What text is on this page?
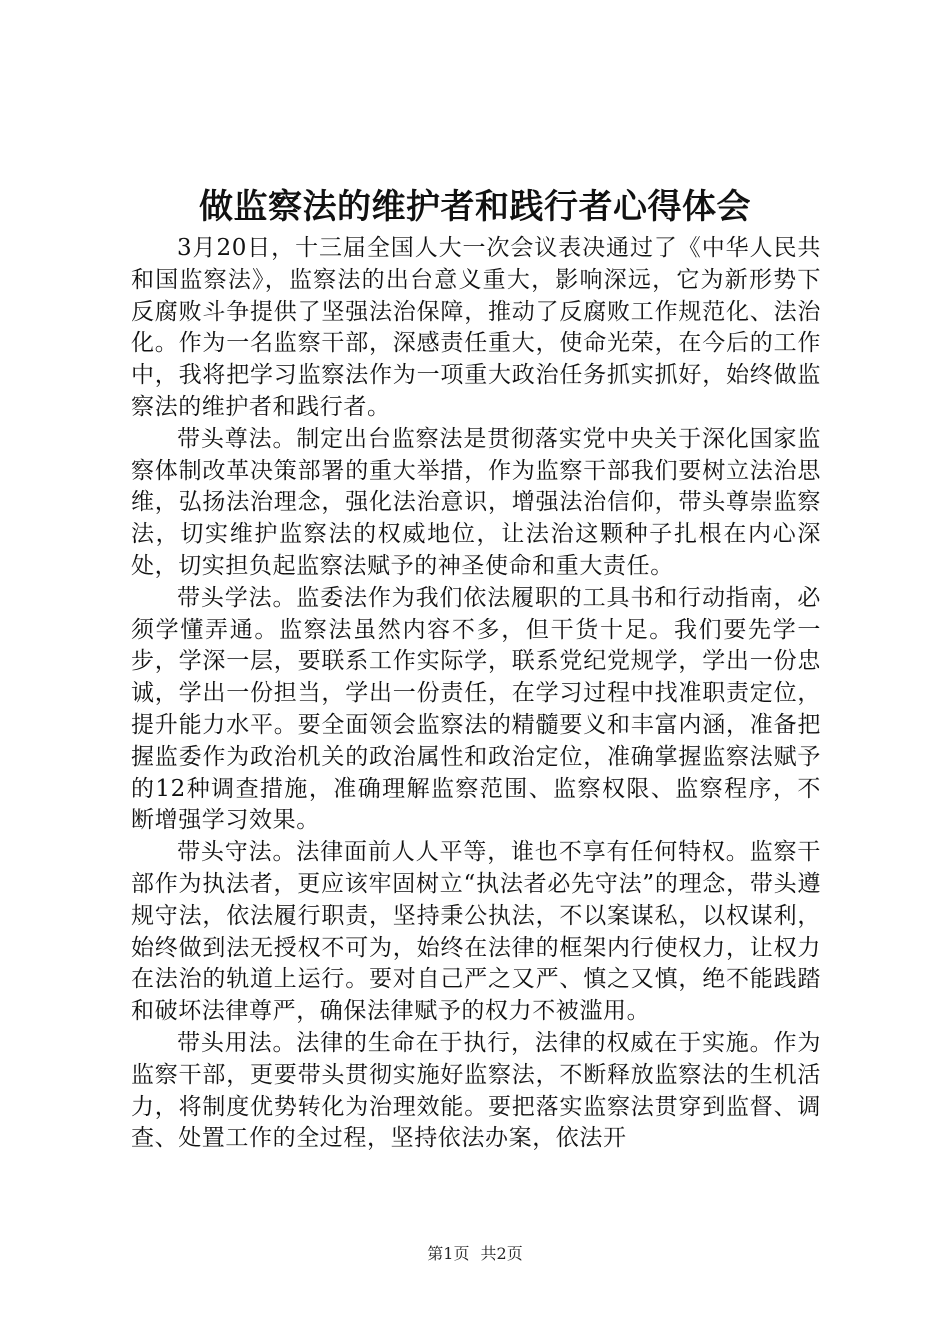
做监察法的维护者和践行者心得体会

3月20日，十三届全国人大一次会议表决通过了《中华人民共和国监察法》，监察法的出台意义重大，影响深远，它为新形势下反腐败斗争提供了坚强法治保障，推动了反腐败工作规范化、法治化。作为一名监察干部，深感责任重大，使命光荣，在今后的工作中，我将把学习监察法作为一项重大政治任务抓实抓好，始终做监察法的维护者和践行者。

带头尊法。制定出台监察法是贯彻落实党中央关于深化国家监察体制改革决策部署的重大举措，作为监察干部我们要树立法治思维，弘扬法治理念，强化法治意识，增强法治信仰，带头尊崇监察法，切实维护监察法的权威地位，让法治这颗种子扎根在内心深处，切实担负起监察法赋予的神圣使命和重大责任。

带头学法。监委法作为我们依法履职的工具书和行动指南，必须学懂弄通。监察法虽然内容不多，但干货十足。我们要先学一步，学深一层，要联系工作实际学，联系党纪党规学，学出一份忠诚，学出一份担当，学出一份责任，在学习过程中找准职责定位，提升能力水平。要全面领会监察法的精髓要义和丰富内涵，准备把握监委作为政治机关的政治属性和政治定位，准确掌握监察法赋予的12种调查措施，准确理解监察范围、监察权限、监察程序，不断增强学习效果。

带头守法。法律面前人人平等，谁也不享有任何特权。监察干部作为执法者，更应该牢固树立“执法者必先守法”的理念，带头遵规守法，依法履行职责，坚持秉公执法，不以案谋私，以权谋利，始终做到法无授权不可为，始终在法律的框架内行使权力，让权力在法治的轨道上运行。要对自己严之又严、慎之又慎，绝不能践踏和破坏法律尊严，确保法律赋予的权力不被滥用。

带头用法。法律的生命在于执行，法律的权威在于实施。作为监察干部，更要带头贯彻实施好监察法，不断释放监察法的生机活力，将制度优势转化为治理效能。要把落实监察法贯穿到监督、调查、处置工作的全过程，坚持依法办案，依法开

第1页 共2页
